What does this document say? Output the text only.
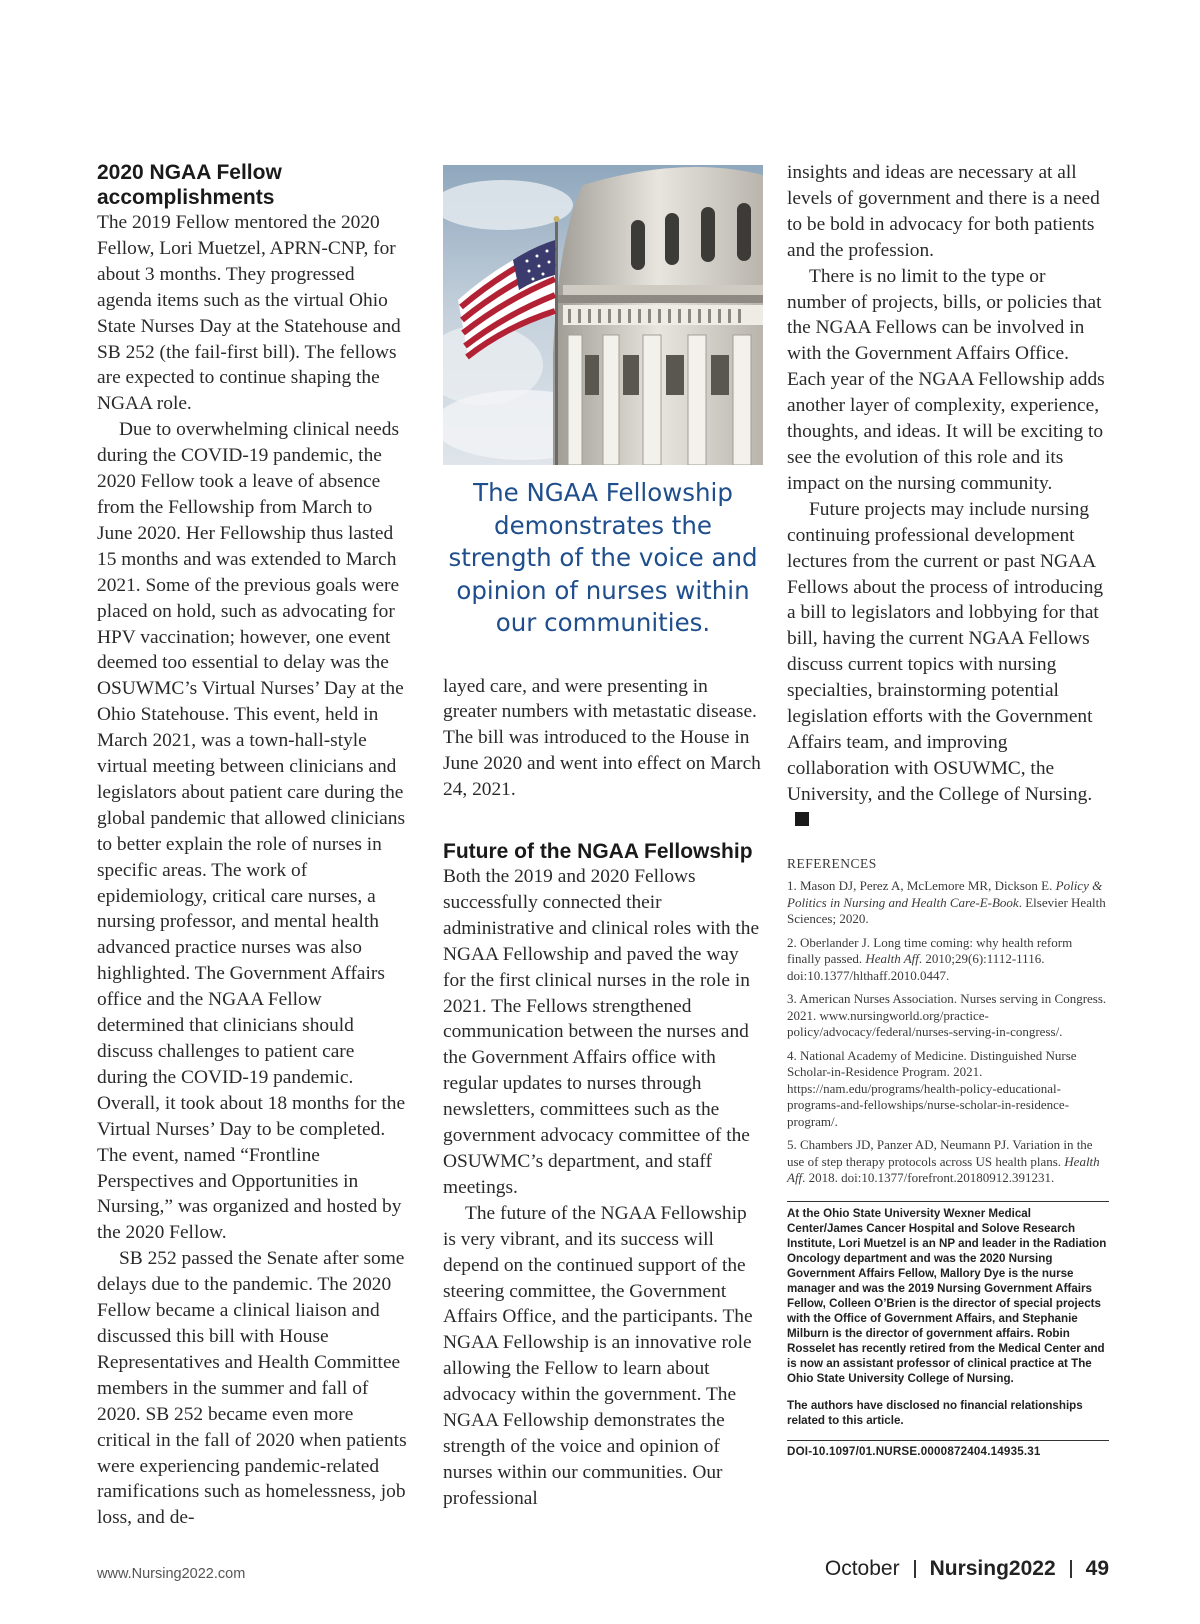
2020 NGAA Fellow accomplishments

The 2019 Fellow mentored the 2020 Fellow, Lori Muetzel, APRN-CNP, for about 3 months. They progressed agenda items such as the virtual Ohio State Nurses Day at the Statehouse and SB 252 (the fail-first bill). The fellows are expected to continue shaping the NGAA role.

Due to overwhelming clinical needs during the COVID-19 pandemic, the 2020 Fellow took a leave of absence from the Fellowship from March to June 2020. Her Fellowship thus lasted 15 months and was extended to March 2021. Some of the previous goals were placed on hold, such as advocating for HPV vaccination; however, one event deemed too essential to delay was the OSUWMC’s Virtual Nurses’ Day at the Ohio Statehouse. This event, held in March 2021, was a town-hall-style virtual meeting between clinicians and legislators about patient care during the global pandemic that allowed clinicians to better explain the role of nurses in specific areas. The work of epidemiology, critical care nurses, a nursing professor, and mental health advanced practice nurses was also highlighted. The Government Affairs office and the NGAA Fellow determined that clinicians should discuss challenges to patient care during the COVID-19 pandemic. Overall, it took about 18 months for the Virtual Nurses’ Day to be completed. The event, named “Frontline Perspectives and Opportunities in Nursing,” was organized and hosted by the 2020 Fellow.

SB 252 passed the Senate after some delays due to the pandemic. The 2020 Fellow became a clinical liaison and discussed this bill with House Representatives and Health Committee members in the summer and fall of 2020. SB 252 became even more critical in the fall of 2020 when patients were experiencing pandemic-related ramifications such as homelessness, job loss, and de-

The NGAA Fellowship demonstrates the strength of the voice and opinion of nurses within our communities.

layed care, and were presenting in greater numbers with metastatic disease. The bill was introduced to the House in June 2020 and went into effect on March 24, 2021.

Future of the NGAA Fellowship

Both the 2019 and 2020 Fellows successfully connected their administrative and clinical roles with the NGAA Fellowship and paved the way for the first clinical nurses in the role in 2021. The Fellows strengthened communication between the nurses and the Government Affairs office with regular updates to nurses through newsletters, committees such as the government advocacy committee of the OSUWMC’s department, and staff meetings.

The future of the NGAA Fellowship is very vibrant, and its success will depend on the continued support of the steering committee, the Government Affairs Office, and the participants. The NGAA Fellowship is an innovative role allowing the Fellow to learn about advocacy within the government. The NGAA Fellowship demonstrates the strength of the voice and opinion of nurses within our communities. Our professional

insights and ideas are necessary at all levels of government and there is a need to be bold in advocacy for both patients and the profession.

There is no limit to the type or number of projects, bills, or policies that the NGAA Fellows can be involved in with the Government Affairs Office. Each year of the NGAA Fellowship adds another layer of complexity, experience, thoughts, and ideas. It will be exciting to see the evolution of this role and its impact on the nursing community.

Future projects may include nursing continuing professional development lectures from the current or past NGAA Fellows about the process of introducing a bill to legislators and lobbying for that bill, having the current NGAA Fellows discuss current topics with nursing specialties, brainstorming potential legislation efforts with the Government Affairs team, and improving collaboration with OSUWMC, the University, and the College of Nursing.

REFERENCES
1. Mason DJ, Perez A, McLemore MR, Dickson E. Policy & Politics in Nursing and Health Care-E-Book. Elsevier Health Sciences; 2020.
2. Oberlander J. Long time coming: why health reform finally passed. Health Aff. 2010;29(6):1112-1116. doi:10.1377/hlthaff.2010.0447.
3. American Nurses Association. Nurses serving in Congress. 2021. www.nursingworld.org/practice-policy/advocacy/federal/nurses-serving-in-congress/.
4. National Academy of Medicine. Distinguished Nurse Scholar-in-Residence Program. 2021. https://nam.edu/programs/health-policy-educational-programs-and-fellowships/nurse-scholar-in-residence-program/.
5. Chambers JD, Panzer AD, Neumann PJ. Variation in the use of step therapy protocols across US health plans. Health Aff. 2018. doi:10.1377/forefront.20180912.391231.

At the Ohio State University Wexner Medical Center/James Cancer Hospital and Solove Research Institute, Lori Muetzel is an NP and leader in the Radiation Oncology department and was the 2020 Nursing Government Affairs Fellow, Mallory Dye is the nurse manager and was the 2019 Nursing Government Affairs Fellow, Colleen O’Brien is the director of special projects with the Office of Government Affairs, and Stephanie Milburn is the director of government affairs. Robin Rosselet has recently retired from the Medical Center and is now an assistant professor of clinical practice at The Ohio State University College of Nursing.

The authors have disclosed no financial relationships related to this article.

DOI-10.1097/01.NURSE.0000872404.14935.31
www.Nursing2022.com	October Nursing2022 49
